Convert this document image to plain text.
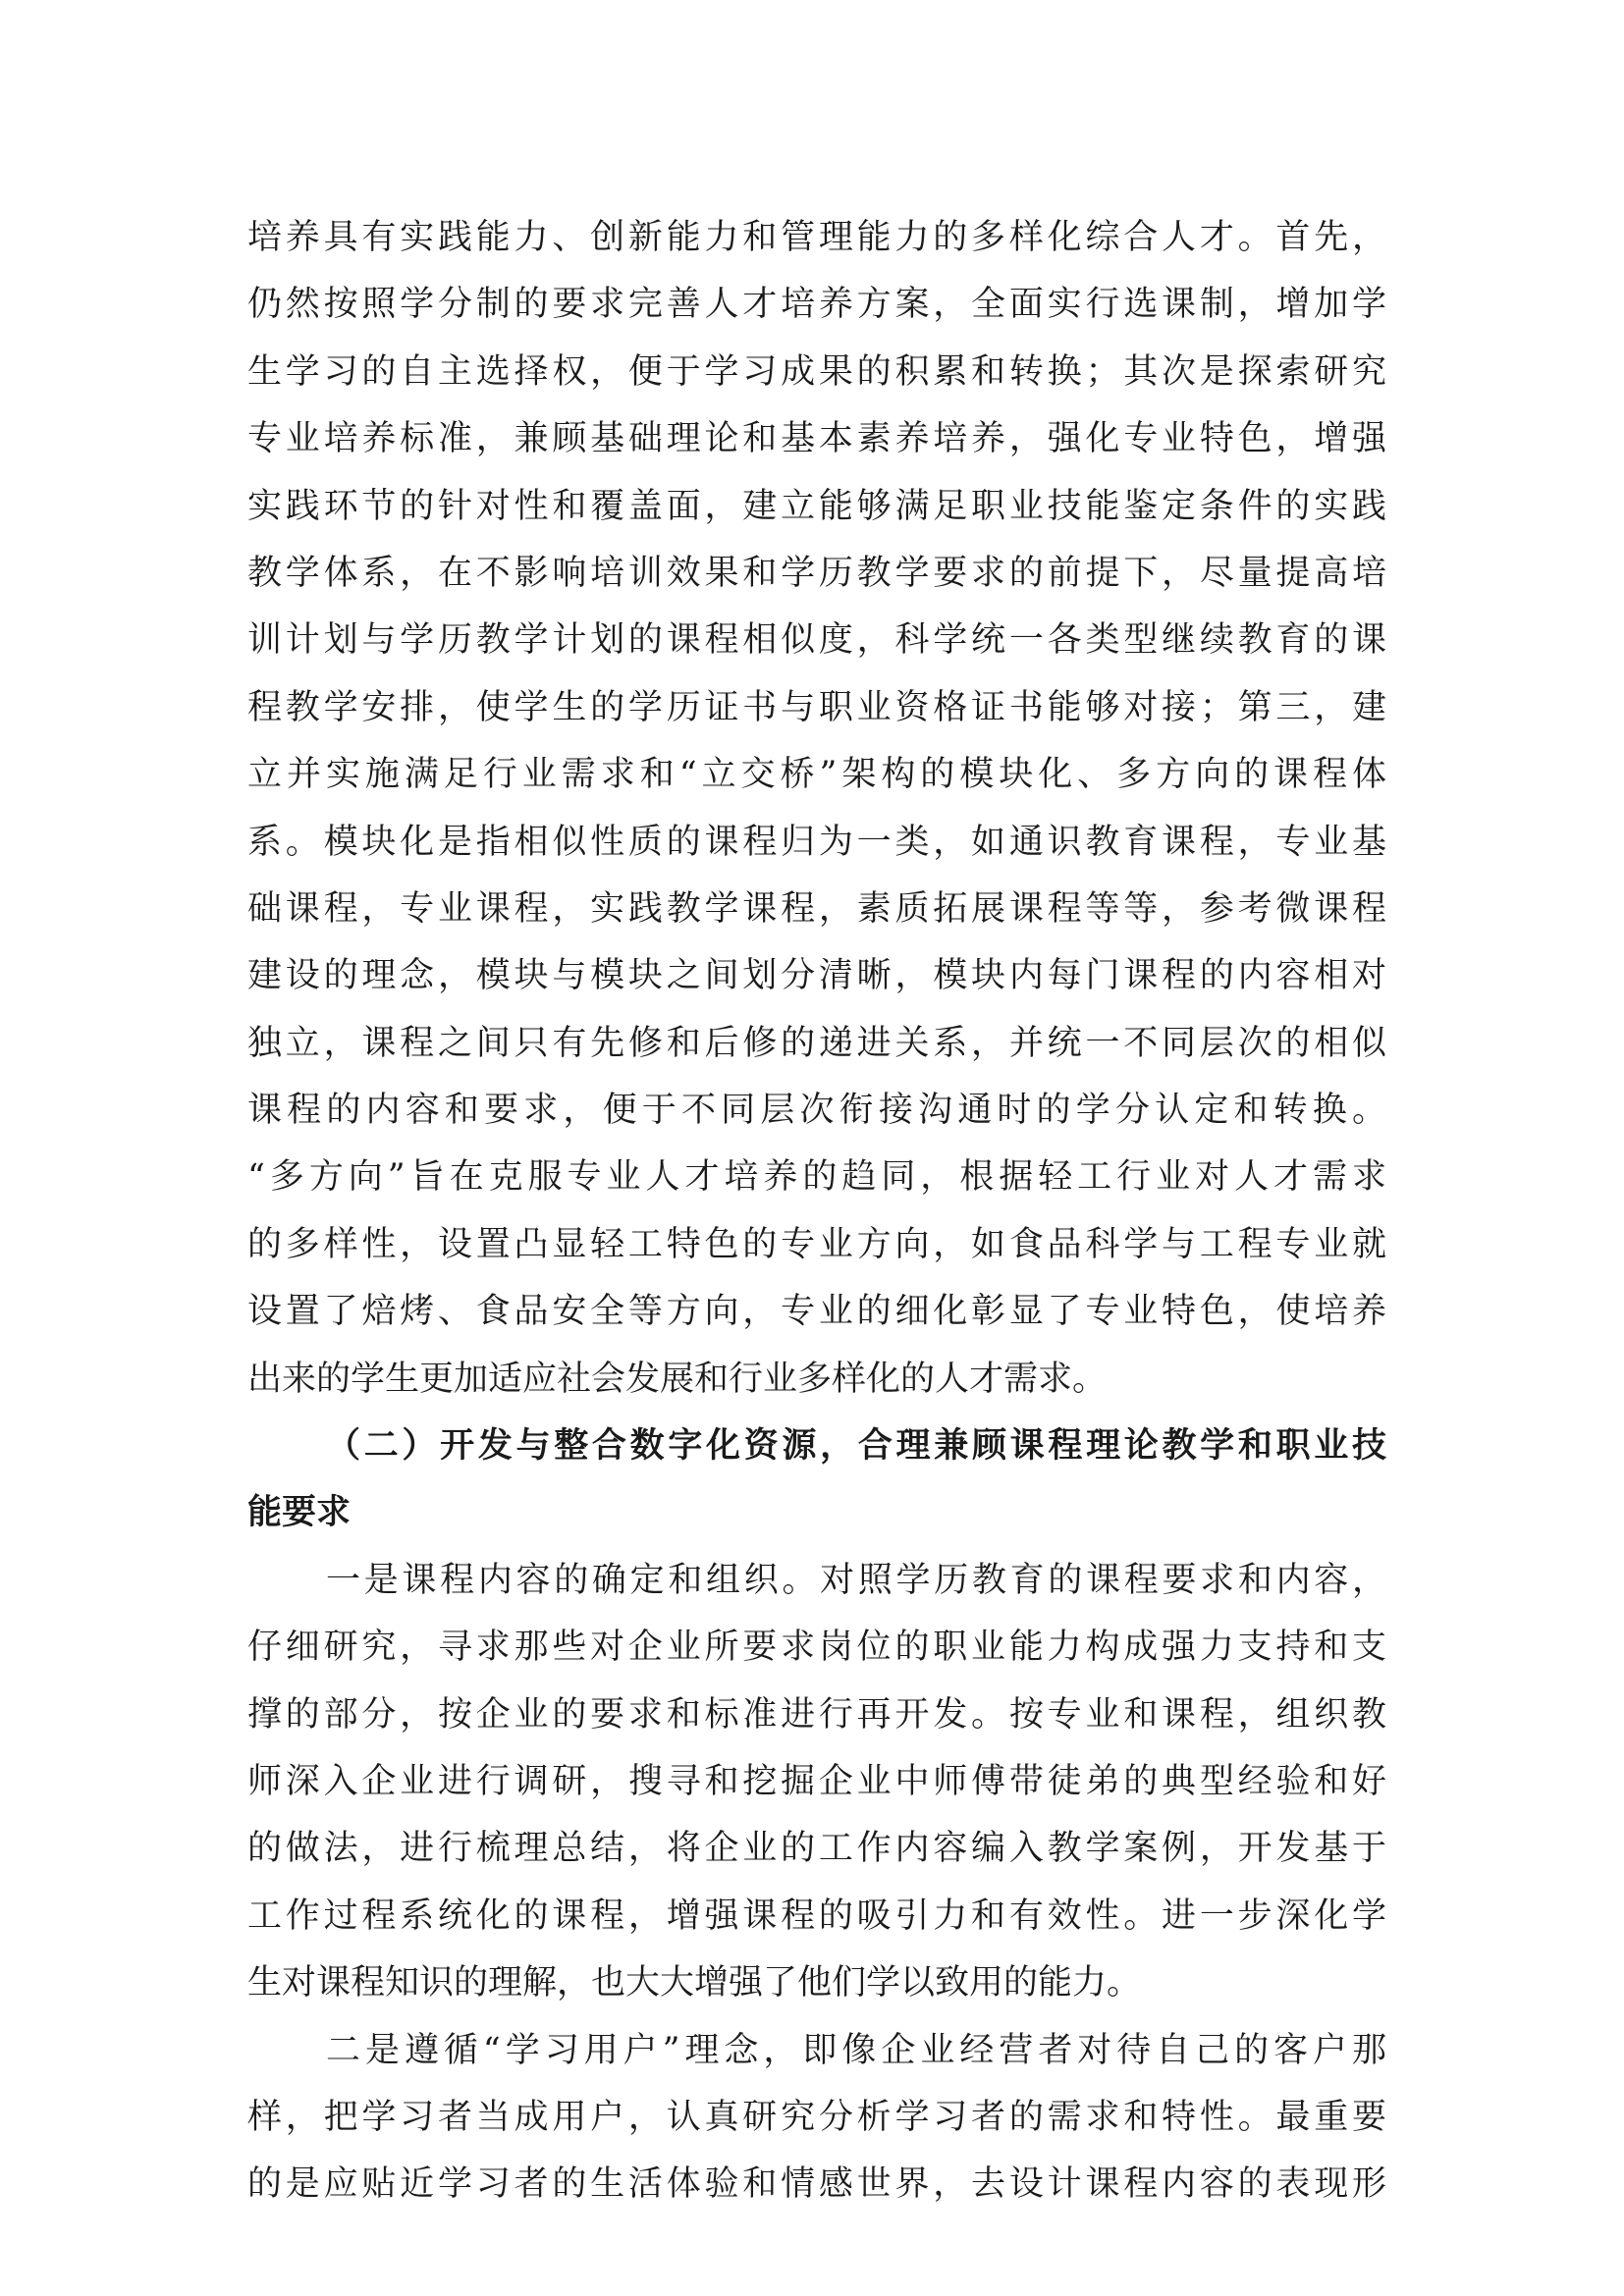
培养具有实践能力、创新能力和管理能力的多样化综合人才。首先，
仍然按照学分制的要求完善人才培养方案，全面实行选课制，增加学
生学习的自主选择权，便于学习成果的积累和转换；其次是探索研究
专业培养标准，兼顾基础理论和基本素养培养，强化专业特色，增强
实践环节的针对性和覆盖面，建立能够满足职业技能鉴定条件的实践
教学体系，在不影响培训效果和学历教学要求的前提下，尽量提高培
训计划与学历教学计划的课程相似度，科学统一各类型继续教育的课
程教学安排，使学生的学历证书与职业资格证书能够对接；第三，建
立并实施满足行业需求和“立交桥”架构的模块化、多方向的课程体
系。模块化是指相似性质的课程归为一类，如通识教育课程，专业基
础课程，专业课程，实践教学课程，素质拓展课程等等，参考微课程
建设的理念，模块与模块之间划分清晰，模块内每门课程的内容相对
独立，课程之间只有先修和后修的递进关系，并统一不同层次的相似
课程的内容和要求，便于不同层次衔接沟通时的学分认定和转换。
“多方向”旨在克服专业人才培养的趋同，根据轻工行业对人才需求
的多样性，设置凸显轻工特色的专业方向，如食品科学与工程专业就
设置了焙烤、食品安全等方向，专业的细化彰显了专业特色，使培养
出来的学生更加适应社会发展和行业多样化的人才需求。
（二）开发与整合数字化资源，合理兼顾课程理论教学和职业技
能要求
一是课程内容的确定和组织。对照学历教育的课程要求和内容，
仔细研究，寻求那些对企业所要求岗位的职业能力构成强力支持和支
撑的部分，按企业的要求和标准进行再开发。按专业和课程，组织教
师深入企业进行调研，搜寻和挖掘企业中师傅带徒弟的典型经验和好
的做法，进行梳理总结，将企业的工作内容编入教学案例，开发基于
工作过程系统化的课程，增强课程的吸引力和有效性。进一步深化学
生对课程知识的理解，也大大增强了他们学以致用的能力。
二是遵循“学习用户”理念，即像企业经营者对待自己的客户那
样，把学习者当成用户，认真研究分析学习者的需求和特性。最重要
的是应贴近学习者的生活体验和情感世界，去设计课程内容的表现形
